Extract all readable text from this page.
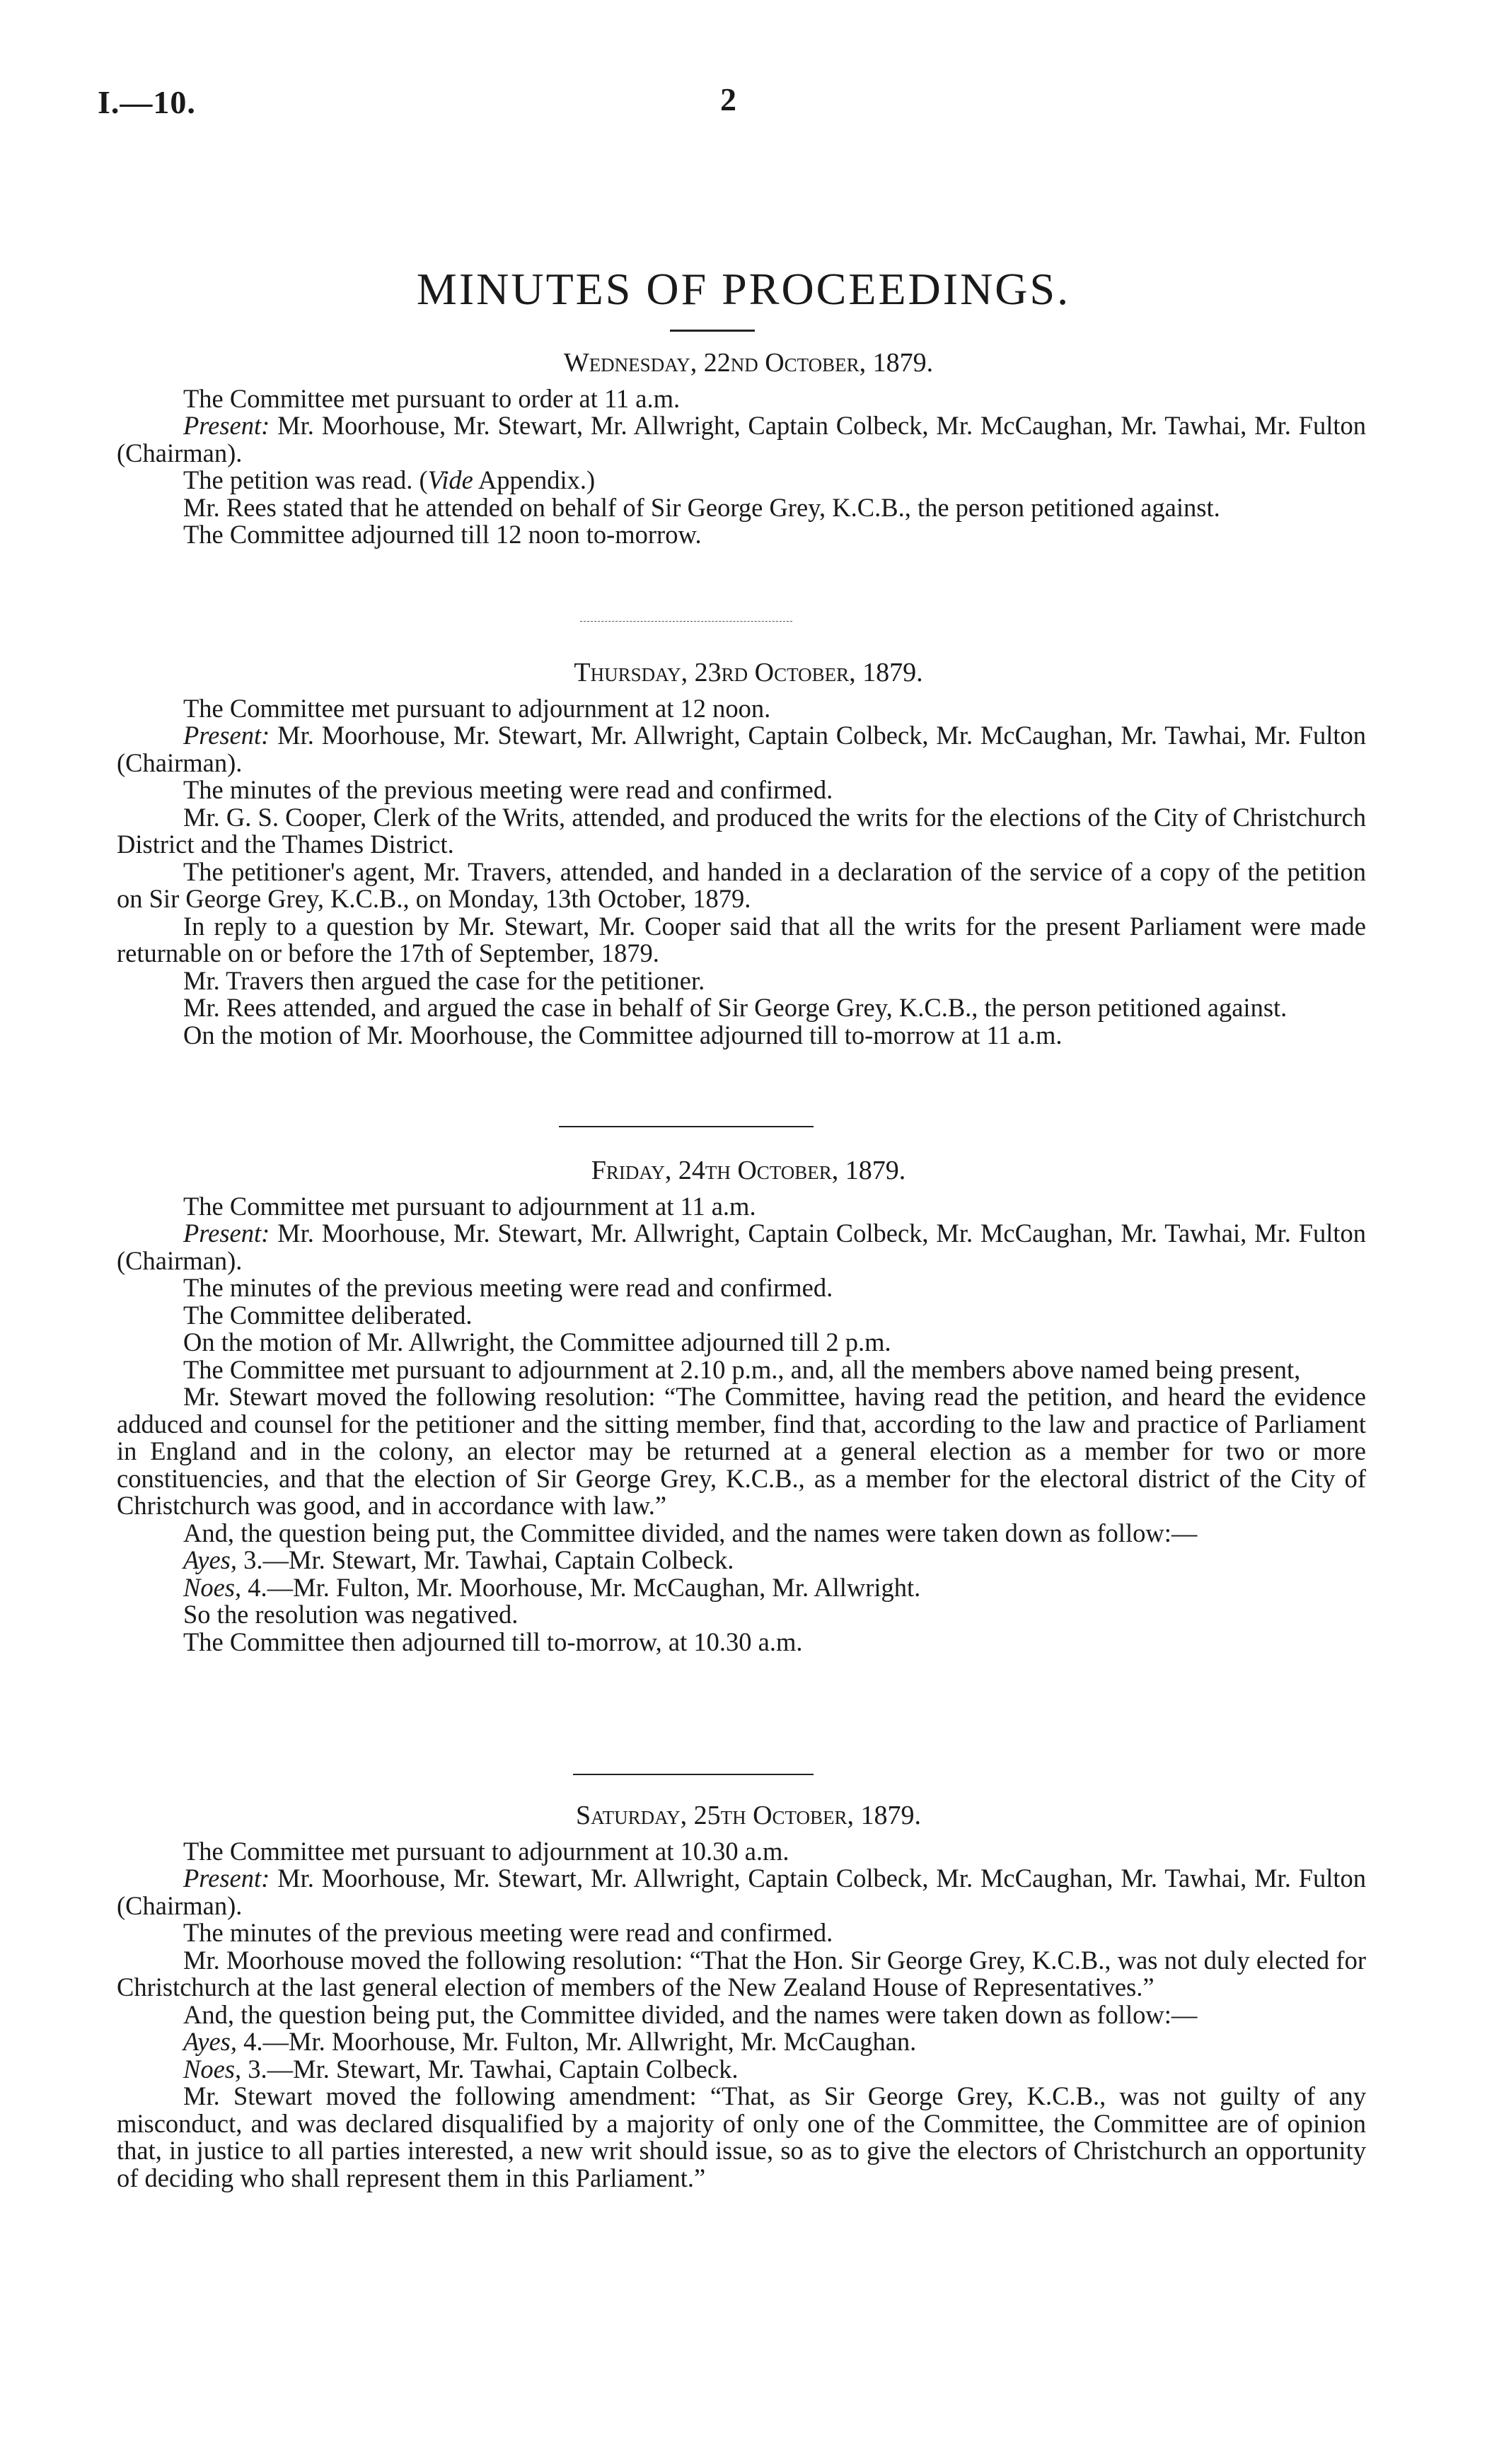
I.—10.	2
MINUTES OF PROCEEDINGS.
Wednesday, 22nd October, 1879.

The Committee met pursuant to order at 11 a.m.

Present: Mr. Moorhouse, Mr. Stewart, Mr. Allwright, Captain Colbeck, Mr. McCaughan, Mr. Tawhai, Mr. Fulton (Chairman).

The petition was read. (Vide Appendix.)

Mr. Rees stated that he attended on behalf of Sir George Grey, K.C.B., the person petitioned against.

The Committee adjourned till 12 noon to-morrow.

Thursday, 23rd October, 1879.

The Committee met pursuant to adjournment at 12 noon.

Present: Mr. Moorhouse, Mr. Stewart, Mr. Allwright, Captain Colbeck, Mr. McCaughan, Mr. Tawhai, Mr. Fulton (Chairman).

The minutes of the previous meeting were read and confirmed.

Mr. G. S. Cooper, Clerk of the Writs, attended, and produced the writs for the elections of the City of Christchurch District and the Thames District.

The petitioner's agent, Mr. Travers, attended, and handed in a declaration of the service of a copy of the petition on Sir George Grey, K.C.B., on Monday, 13th October, 1879.

In reply to a question by Mr. Stewart, Mr. Cooper said that all the writs for the present Parliament were made returnable on or before the 17th of September, 1879.

Mr. Travers then argued the case for the petitioner.

Mr. Rees attended, and argued the case in behalf of Sir George Grey, K.C.B., the person petitioned against.

On the motion of Mr. Moorhouse, the Committee adjourned till to-morrow at 11 a.m.

Friday, 24th October, 1879.

The Committee met pursuant to adjournment at 11 a.m.

Present: Mr. Moorhouse, Mr. Stewart, Mr. Allwright, Captain Colbeck, Mr. McCaughan, Mr. Tawhai, Mr. Fulton (Chairman).

The minutes of the previous meeting were read and confirmed.

The Committee deliberated.

On the motion of Mr. Allwright, the Committee adjourned till 2 p.m.

The Committee met pursuant to adjournment at 2.10 p.m., and, all the members above named being present,

Mr. Stewart moved the following resolution: “The Committee, having read the petition, and heard the evidence adduced and counsel for the petitioner and the sitting member, find that, according to the law and practice of Parliament in England and in the colony, an elector may be returned at a general election as a member for two or more constituencies, and that the election of Sir George Grey, K.C.B., as a member for the electoral district of the City of Christchurch was good, and in accordance with law.”

And, the question being put, the Committee divided, and the names were taken down as follow:—

Ayes, 3.—Mr. Stewart, Mr. Tawhai, Captain Colbeck.

Noes, 4.—Mr. Fulton, Mr. Moorhouse, Mr. McCaughan, Mr. Allwright.

So the resolution was negatived.

The Committee then adjourned till to-morrow, at 10.30 a.m.

Saturday, 25th October, 1879.

The Committee met pursuant to adjournment at 10.30 a.m.

Present: Mr. Moorhouse, Mr. Stewart, Mr. Allwright, Captain Colbeck, Mr. McCaughan, Mr. Tawhai, Mr. Fulton (Chairman).

The minutes of the previous meeting were read and confirmed.

Mr. Moorhouse moved the following resolution: “That the Hon. Sir George Grey, K.C.B., was not duly elected for Christchurch at the last general election of members of the New Zealand House of Representatives.”

And, the question being put, the Committee divided, and the names were taken down as follow:—

Ayes, 4.—Mr. Moorhouse, Mr. Fulton, Mr. Allwright, Mr. McCaughan.

Noes, 3.—Mr. Stewart, Mr. Tawhai, Captain Colbeck.

Mr. Stewart moved the following amendment: “That, as Sir George Grey, K.C.B., was not guilty of any misconduct, and was declared disqualified by a majority of only one of the Committee, the Committee are of opinion that, in justice to all parties interested, a new writ should issue, so as to give the electors of Christchurch an opportunity of deciding who shall represent them in this Parliament.”
